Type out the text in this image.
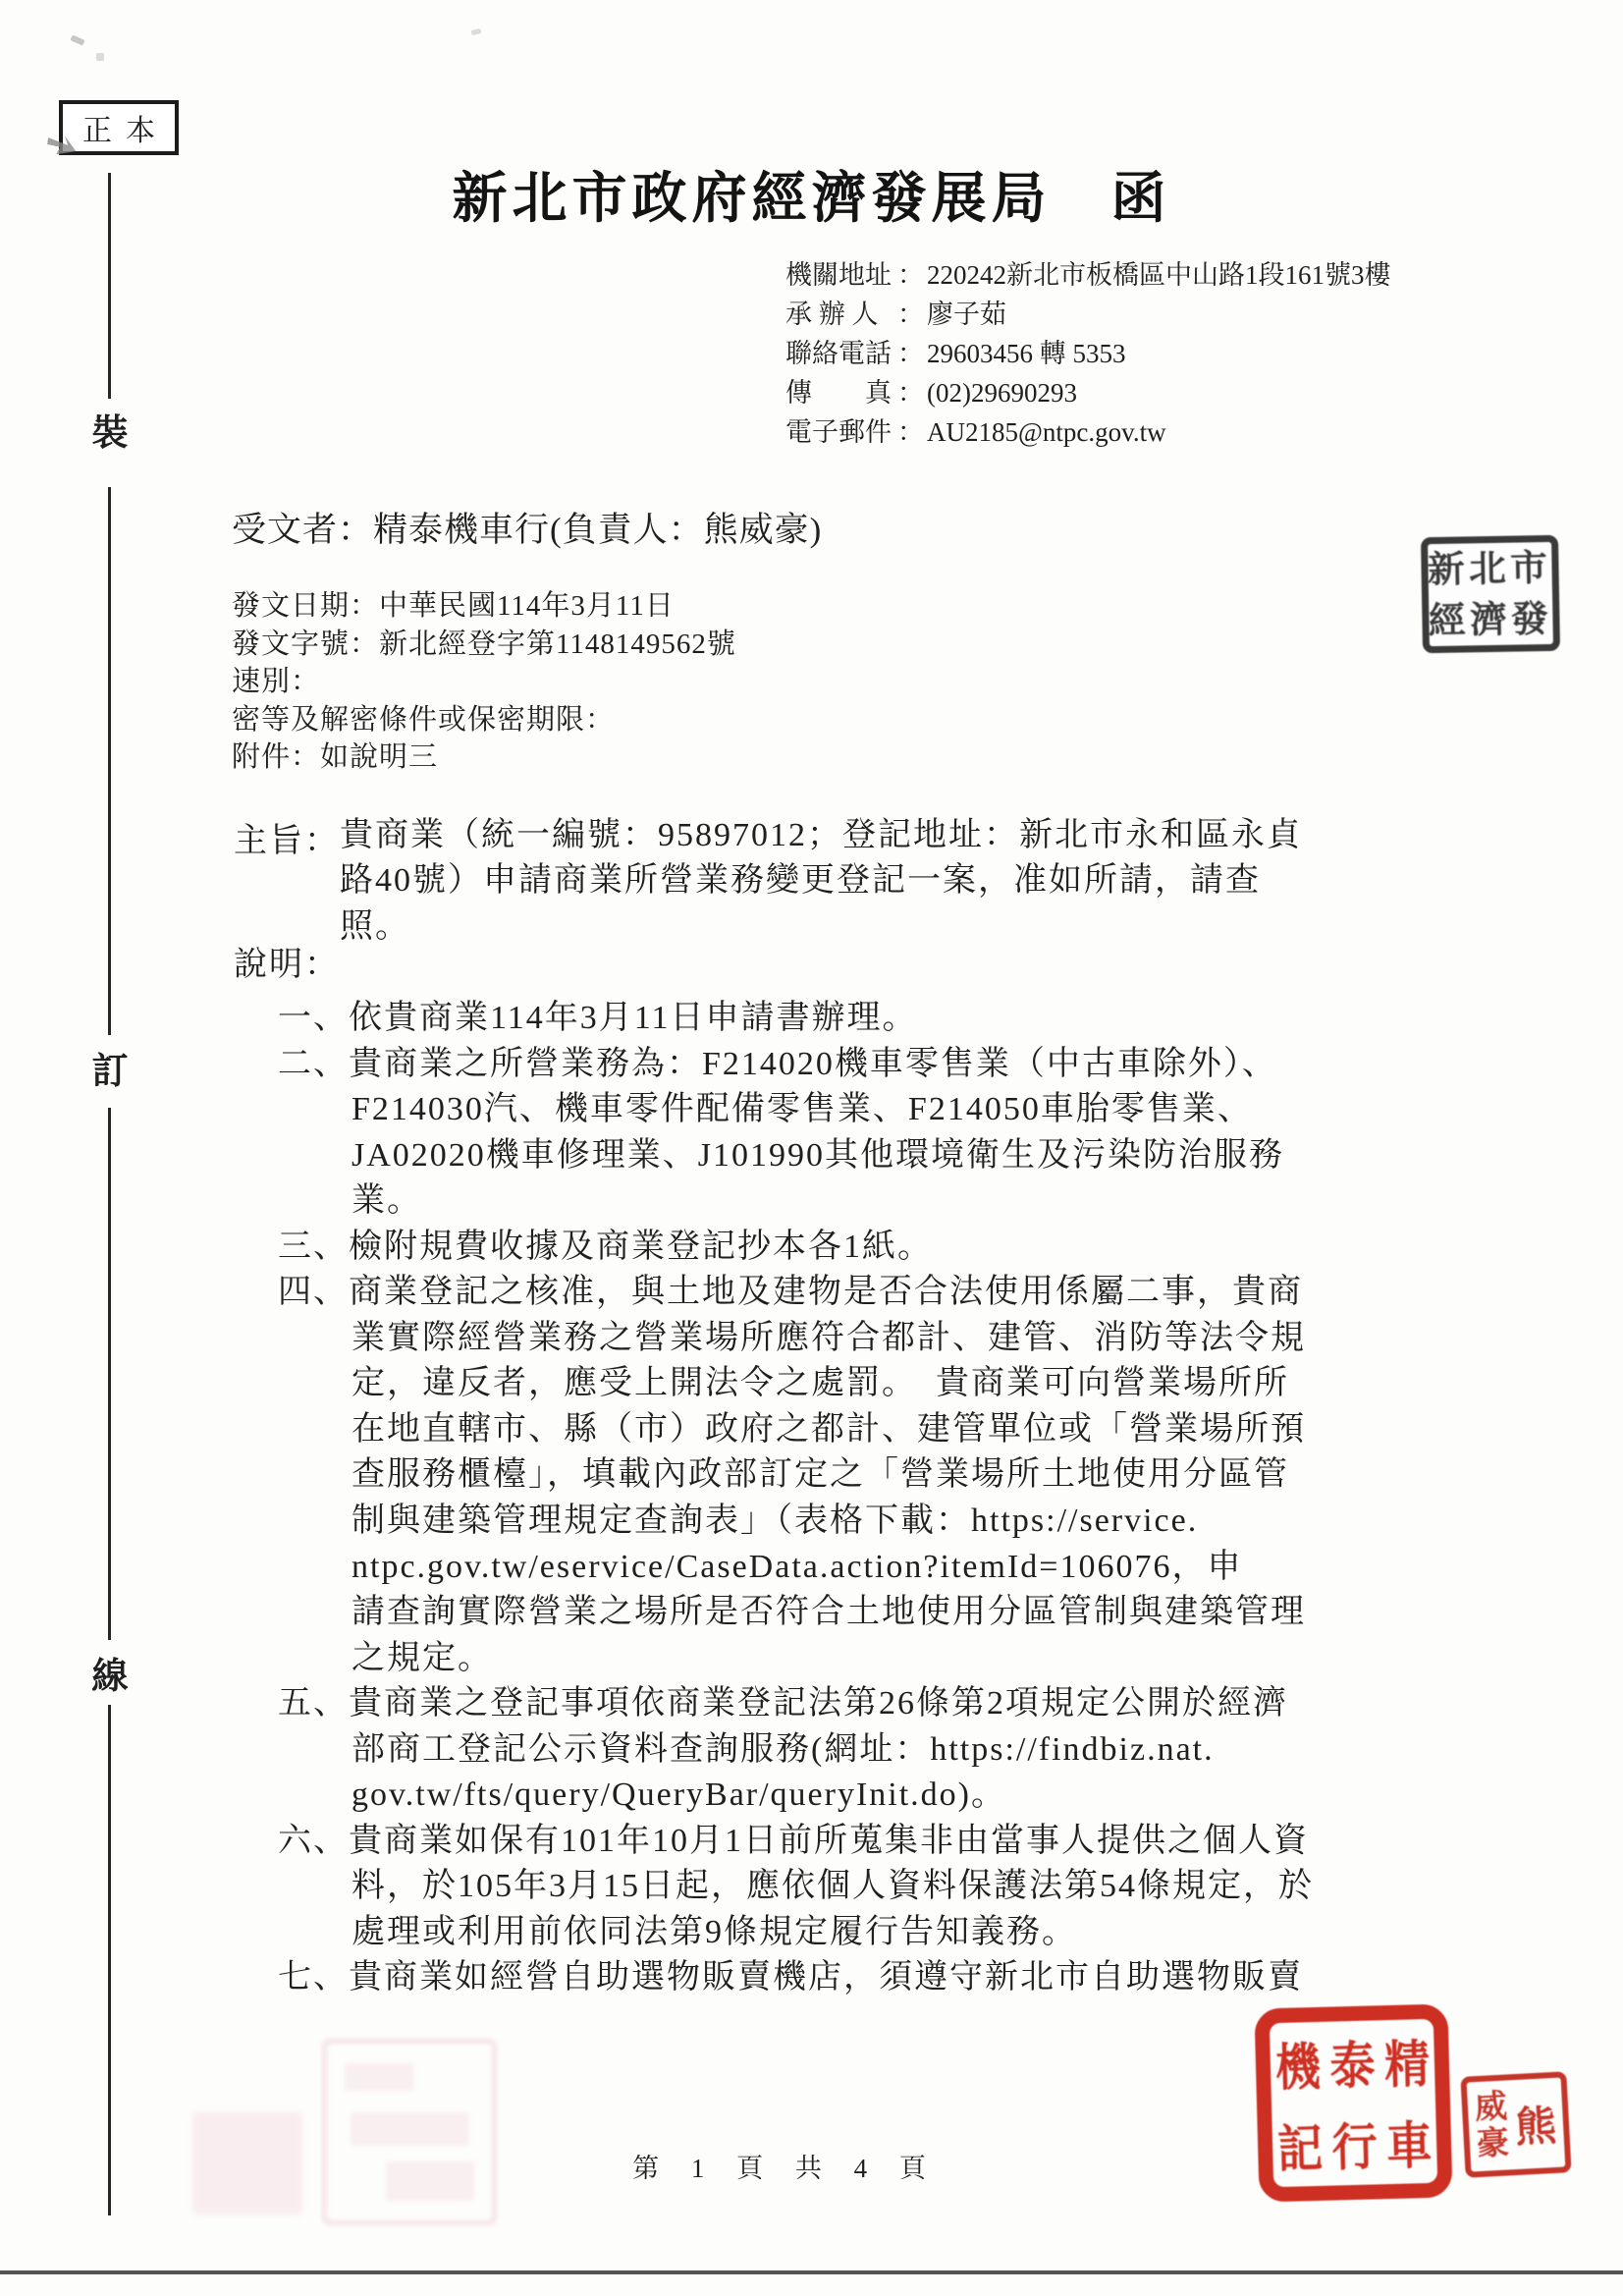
正本
裝
訂
線
新北市政府經濟發展局　函
機關地址 ： 220242新北市板橋區中山路1段161號3樓
承 辦 人 ： 廖子茹
聯絡電話 ： 29603456 轉 5353
傳　　真 ： (02)29690293
電子郵件 ： AU2185@ntpc.gov.tw
受文者：精泰機車行(負責人：熊威豪)
發文日期：中華民國114年3月11日
發文字號：新北經登字第1148149562號
速別：
密等及解密條件或保密期限：
附件：如說明三
主旨： 貴商業（統一編號：95897012；登記地址：新北市永和區永貞
路40號）申請商業所營業務變更登記一案，准如所請，請查
照。
說明：
一、依貴商業114年3月11日申請書辦理。
二、貴商業之所營業務為：F214020機車零售業（中古車除外）、
F214030汽、機車零件配備零售業、F214050車胎零售業、
JA02020機車修理業、J101990其他環境衛生及污染防治服務
業。
三、檢附規費收據及商業登記抄本各1紙。
四、商業登記之核准，與土地及建物是否合法使用係屬二事，貴商
業實際經營業務之營業場所應符合都計、建管、消防等法令規
定，違反者，應受上開法令之處罰。　貴商業可向營業場所所
在地直轄市、縣（市）政府之都計、建管單位或「營業場所預
查服務櫃檯」，填載內政部訂定之「營業場所土地使用分區管
制與建築管理規定查詢表」（表格下載：https://service.
ntpc.gov.tw/eservice/CaseData.action?itemId=106076，申
請查詢實際營業之場所是否符合土地使用分區管制與建築管理
之規定。
五、貴商業之登記事項依商業登記法第26條第2項規定公開於經濟
部商工登記公示資料查詢服務(網址：https://findbiz.nat.
gov.tw/fts/query/QueryBar/queryInit.do)。
六、貴商業如保有101年10月1日前所蒐集非由當事人提供之個人資
料，於105年3月15日起，應依個人資料保護法第54條規定，於
處理或利用前依同法第9條規定履行告知義務。
七、貴商業如經營自助選物販賣機店，須遵守新北市自助選物販賣
第 1 頁 共 4 頁
新北市
經濟發
精
泰
機
車
行
記	熊
威
豪
